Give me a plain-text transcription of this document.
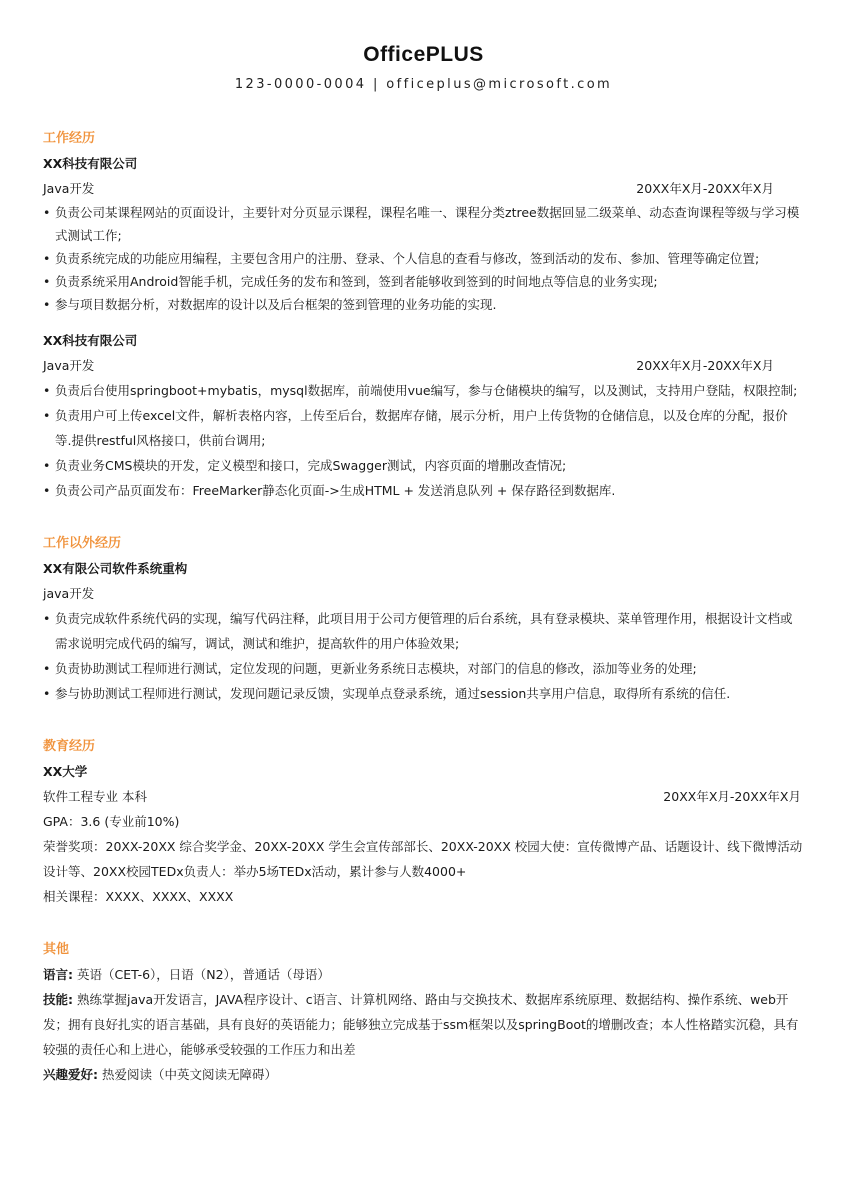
OfficePLUS
123-0000-0004 | officeplus@microsoft.com
工作经历
XX科技有限公司
Java开发	20XX年X月-20XX年X月
• 负责公司某课程网站的页面设计，主要针对分页显示课程，课程名唯一、课程分类ztree数据回显二级菜单、动态查询课程等级与学习模式测试工作;
• 负责系统完成的功能应用编程，主要包含用户的注册、登录、个人信息的查看与修改，签到活动的发布、参加、管理等确定位置;
• 负责系统采用Android智能手机，完成任务的发布和签到，签到者能够收到签到的时间地点等信息的业务实现;
• 参与项目数据分析，对数据库的设计以及后台框架的签到管理的业务功能的实现.
XX科技有限公司
Java开发	20XX年X月-20XX年X月
• 负责后台使用springboot+mybatis，mysql数据库，前端使用vue编写，参与仓储模块的编写，以及测试，支持用户登陆，权限控制;
• 负责用户可上传excel文件，解析表格内容，上传至后台，数据库存储，展示分析，用户上传货物的仓储信息，以及仓库的分配，报价等.提供restful风格接口，供前台调用;
• 负责业务CMS模块的开发，定义模型和接口，完成Swagger测试，内容页面的增删改查情况;
• 负责公司产品页面发布：FreeMarker静态化页面->生成HTML + 发送消息队列 + 保存路径到数据库.
工作以外经历
XX有限公司软件系统重构
java开发
• 负责完成软件系统代码的实现，编写代码注释，此项目用于公司方便管理的后台系统，具有登录模块、菜单管理作用，根据设计文档或需求说明完成代码的编写，调试，测试和维护，提高软件的用户体验效果;
• 负责协助测试工程师进行测试，定位发现的问题，更新业务系统日志模块，对部门的信息的修改，添加等业务的处理;
• 参与协助测试工程师进行测试，发现问题记录反馈，实现单点登录系统，通过session共享用户信息，取得所有系统的信任.
教育经历
XX大学
软件工程专业 本科	20XX年X月-20XX年X月
GPA：3.6 (专业前10%)
荣誉奖项：20XX-20XX 综合奖学金、20XX-20XX 学生会宣传部部长、20XX-20XX 校园大使：宣传微博产品、话题设计、线下微博活动设计等、20XX校园TEDx负责人：举办5场TEDx活动，累计参与人数4000+
相关课程：XXXX、XXXX、XXXX
其他
语言: 英语（CET-6），日语（N2），普通话（母语）
技能: 熟练掌握java开发语言，JAVA程序设计、c语言、计算机网络、路由与交换技术、数据库系统原理、数据结构、操作系统、web开发；拥有良好扎实的语言基础，具有良好的英语能力；能够独立完成基于ssm框架以及springBoot的增删改查；本人性格踏实沉稳，具有较强的责任心和上进心，能够承受较强的工作压力和出差
兴趣爱好: 热爱阅读（中英文阅读无障碍）
